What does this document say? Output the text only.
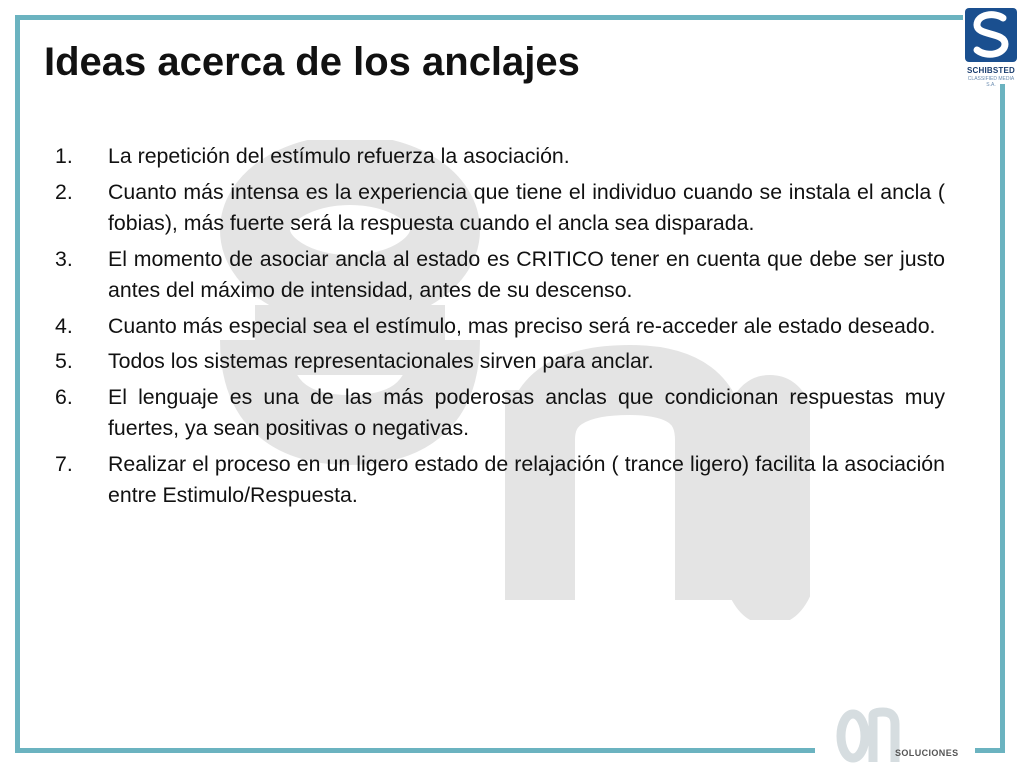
Ideas acerca de los anclajes	SCHIBSTED
CLASSIFIED MEDIA S.A.
1. La repetición del estímulo refuerza la asociación.
2. Cuanto más intensa es la experiencia que tiene el individuo cuando se instala el ancla ( fobias), más fuerte será la respuesta cuando el ancla sea disparada.
3. El momento de asociar ancla al estado es CRITICO tener en cuenta que debe ser justo antes del máximo de intensidad, antes de su descenso.
4. Cuanto más especial sea el estímulo, mas preciso será re-acceder ale estado deseado.
5. Todos los sistemas representacionales sirven para anclar.
6. El lenguaje es una de las más poderosas anclas que condicionan respuestas muy fuertes, ya sean positivas o negativas.
7. Realizar el proceso en un ligero estado de relajación ( trance ligero) facilita la asociación entre Estimulo/Respuesta.
SOLUCIONES
